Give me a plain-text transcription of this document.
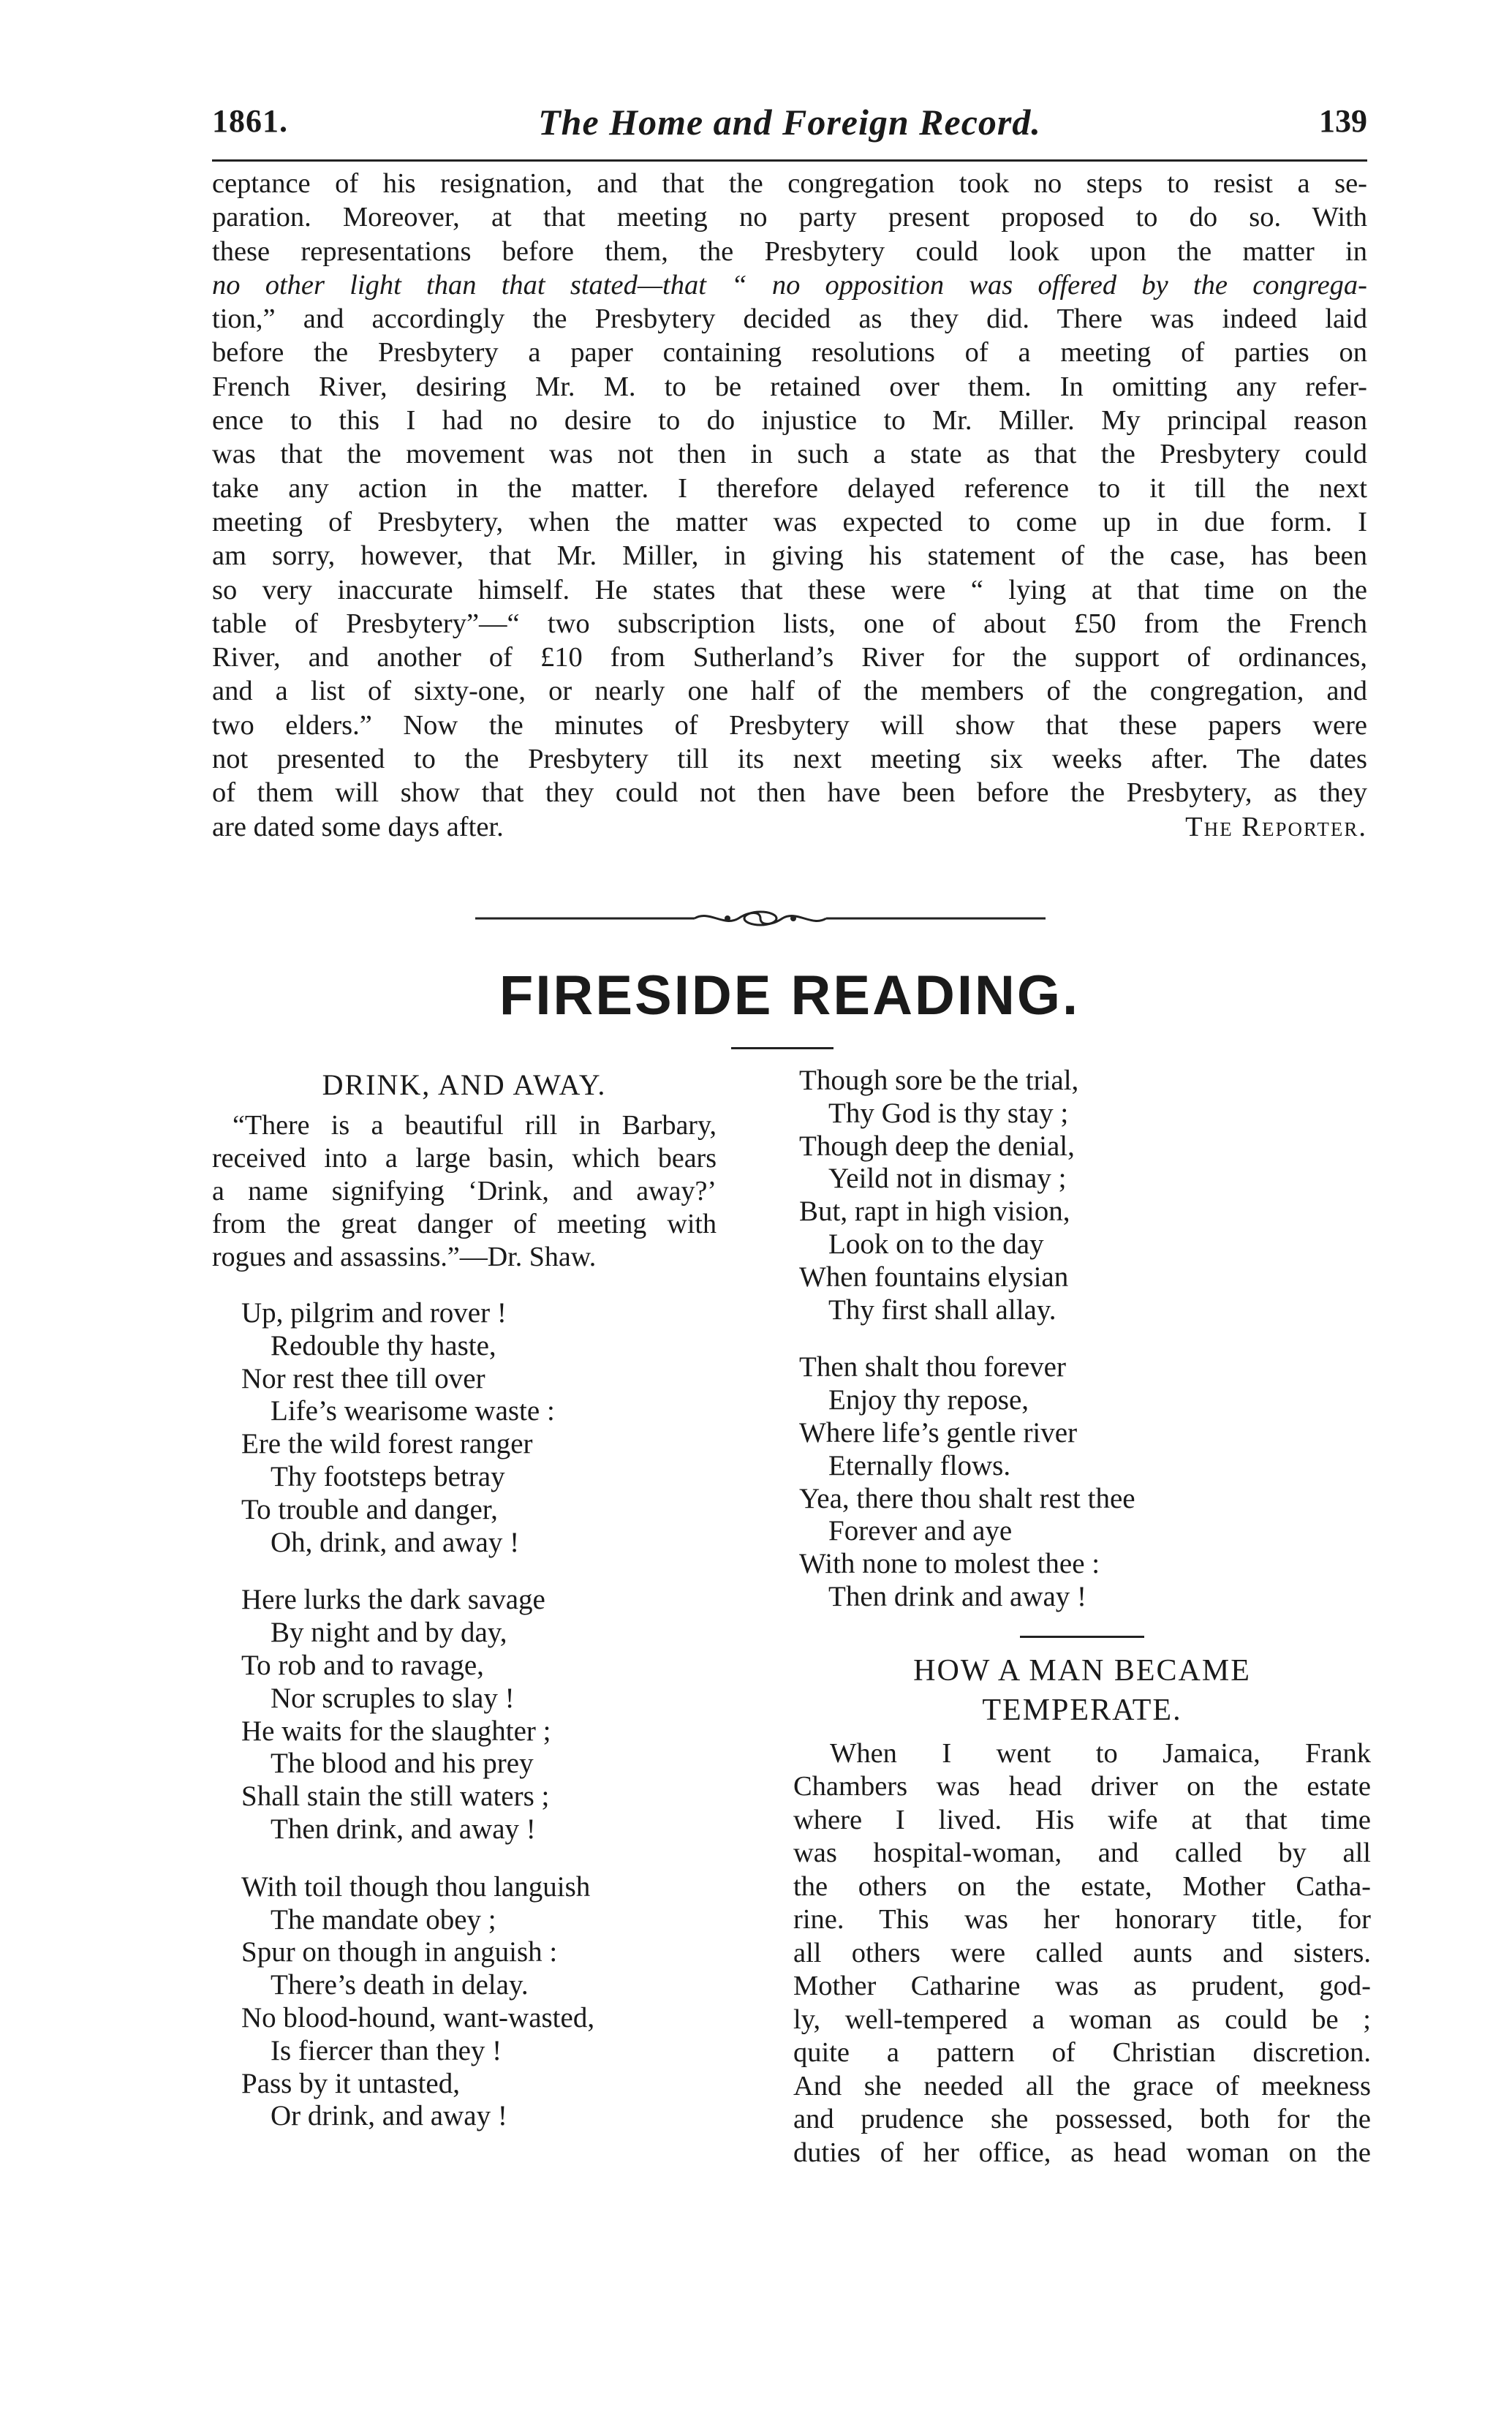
1861.	The Home and Foreign Record.	139
ceptance of his resignation, and that the congregation took no steps to resist a se-
paration. Moreover, at that meeting no party present proposed to do so. With
these representations before them, the Presbytery could look upon the matter in
no other light than that stated—that “ no opposition was offered by the congrega-
tion,” and accordingly the Presbytery decided as they did. There was indeed laid
before the Presbytery a paper containing resolutions of a meeting of parties on
French River, desiring Mr. M. to be retained over them. In omitting any refer-
ence to this I had no desire to do injustice to Mr. Miller. My principal reason
was that the movement was not then in such a state as that the Presbytery could
take any action in the matter. I therefore delayed reference to it till the next
meeting of Presbytery, when the matter was expected to come up in due form. I
am sorry, however, that Mr. Miller, in giving his statement of the case, has been
so very inaccurate himself. He states that these were “ lying at that time on the
table of Presbytery”—“ two subscription lists, one of about £50 from the French
River, and another of £10 from Sutherland’s River for the support of ordinances,
and a list of sixty-one, or nearly one half of the members of the congregation, and
two elders.” Now the minutes of Presbytery will show that these papers were
not presented to the Presbytery till its next meeting six weeks after. The dates
of them will show that they could not then have been before the Presbytery, as they
are dated some days after.	The Reporter.
FIRESIDE READING.
DRINK, AND AWAY.
“There is a beautiful rill in Barbary,
received into a large basin, which bears
a name signifying ‘Drink, and away?’
from the great danger of meeting with
rogues and assassins.”—Dr. Shaw.
Up, pilgrim and rover !
Redouble thy haste,
Nor rest thee till over
Life’s wearisome waste :
Ere the wild forest ranger
Thy footsteps betray
To trouble and danger,
Oh, drink, and away !
Here lurks the dark savage
By night and by day,
To rob and to ravage,
Nor scruples to slay !
He waits for the slaughter ;
The blood and his prey
Shall stain the still waters ;
Then drink, and away !
With toil though thou languish
The mandate obey ;
Spur on though in anguish :
There’s death in delay.
No blood-hound, want-wasted,
Is fiercer than they !
Pass by it untasted,
Or drink, and away !
Though sore be the trial,
Thy God is thy stay ;
Though deep the denial,
Yeild not in dismay ;
But, rapt in high vision,
Look on to the day
When fountains elysian
Thy first shall allay.
Then shalt thou forever
Enjoy thy repose,
Where life’s gentle river
Eternally flows.
Yea, there thou shalt rest thee
Forever and aye
With none to molest thee :
Then drink and away !
HOW A MAN BECAME
TEMPERATE.
When I went to Jamaica, Frank
Chambers was head driver on the estate
where I lived. His wife at that time
was hospital-woman, and called by all
the others on the estate, Mother Catha-
rine. This was her honorary title, for
all others were called aunts and sisters.
Mother Catharine was as prudent, god-
ly, well-tempered a woman as could be ;
quite a pattern of Christian discretion.
And she needed all the grace of meekness
and prudence she possessed, both for the
duties of her office, as head woman on the
